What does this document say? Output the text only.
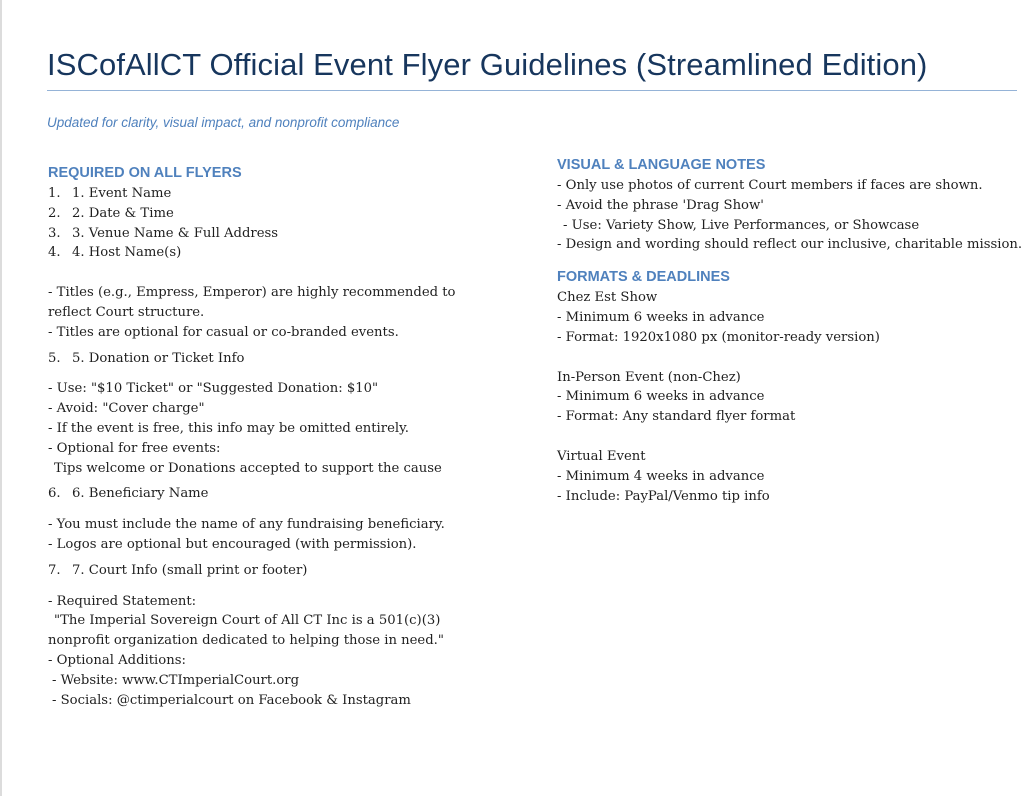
ISCofAllCT Official Event Flyer Guidelines (Streamlined Edition)
Updated for clarity, visual impact, and nonprofit compliance
REQUIRED ON ALL FLYERS
1. 1. Event Name
2. 2. Date & Time
3. 3. Venue Name & Full Address
4. 4. Host Name(s)
- Titles (e.g., Empress, Emperor) are highly recommended to reflect Court structure.
- Titles are optional for casual or co-branded events.
5. 5. Donation or Ticket Info
- Use: "$10 Ticket" or "Suggested Donation: $10"
- Avoid: "Cover charge"
- If the event is free, this info may be omitted entirely.
- Optional for free events:
Tips welcome or Donations accepted to support the cause
6. 6. Beneficiary Name
- You must include the name of any fundraising beneficiary.
- Logos are optional but encouraged (with permission).
7. 7. Court Info (small print or footer)
- Required Statement:
"The Imperial Sovereign Court of All CT Inc is a 501(c)(3) nonprofit organization dedicated to helping those in need."
- Optional Additions:
- Website: www.CTImperialCourt.org
- Socials: @ctimperialcourt on Facebook & Instagram
VISUAL & LANGUAGE NOTES
- Only use photos of current Court members if faces are shown.
- Avoid the phrase 'Drag Show'
- Use: Variety Show, Live Performances, or Showcase
- Design and wording should reflect our inclusive, charitable mission.
FORMATS & DEADLINES
Chez Est Show
- Minimum 6 weeks in advance
- Format: 1920x1080 px (monitor-ready version)
In-Person Event (non-Chez)
- Minimum 6 weeks in advance
- Format: Any standard flyer format
Virtual Event
- Minimum 4 weeks in advance
- Include: PayPal/Venmo tip info
